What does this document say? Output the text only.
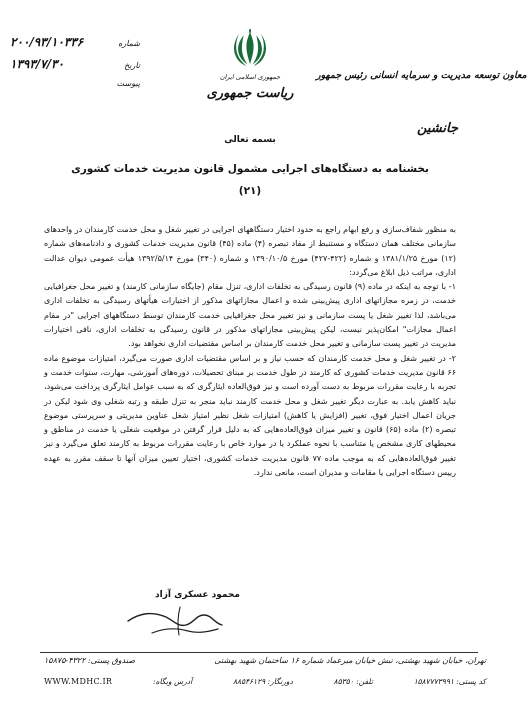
معاون توسعه مدیریت و سرمایه انسانی رئیس جمهور
جانشین
جمهوری اسلامی ایران
ریاست جمهوری
شماره
۲۰۰/۹۳/۱۰۳۳۶
تاریخ
۱۳۹۳/۷/۳۰
پیوست
بسمه تعالی
بخشنامه به دستگاه‌های اجرایی مشمول قانون مدیریت خدمات کشوری
(۲۱)

به منظور شفاف‌سازی و رفع ابهام راجع به حدود اختیار دستگاههای اجرایی در تغییر شغل و محل خدمت کارمندان در واحدهای سازمانی مختلف همان دستگاه و مستنبط از مفاد تبصره (۴) ماده (۴۵) قانون مدیریت خدمات کشوری و دادنامه‌های شماره (۱۲) مورخ ۱۳۸۱/۱/۲۵ و شماره (۴۲۲-۴۲۷) مورخ ۱۳۹۰/۱۰/۵ و شماره (۳۴۰) مورخ ۱۳۹۲/۵/۱۴ هیأت عمومی دیوان عدالت اداری، مراتب ذیل ابلاغ می‌گردد:

۱- با توجه به اینکه در ماده (۹) قانون رسیدگی به تخلفات اداری، تنزل مقام (جایگاه سازمانی کارمند) و تغییر محل جغرافیایی خدمت، در زمره مجازاتهای اداری پیش‌بینی شده و اعمال مجازاتهای مذکور از اختیارات هیأتهای رسیدگی به تخلفات اداری می‌باشد، لذا تغییر شغل یا پست سازمانی و نیز تغییر محل جغرافیایی خدمت کارمندان توسط دستگاههای اجرایی "در مقام اعمال مجازات" امکان‌پذیر نیست، لیکن پیش‌بینی مجازاتهای مذکور در قانون رسیدگی به تخلفات اداری، نافی اختیارات مدیریت در تغییر پست سازمانی و تغییر محل خدمت کارمندان بر اساس مقتضیات اداری نخواهد بود.

۲- در تغییر شغل و محل خدمت کارمندان که حسب نیاز و بر اساس مقتضیات اداری صورت می‌گیرد، امتیازات موضوع ماده ۶۶ قانون مدیریت خدمات کشوری که کارمند در طول خدمت بر مبنای تحصیلات، دوره‌های آموزشی، مهارت، سنوات خدمت و تجربه با رعایت مقررات مربوط به دست آورده است و نیز فوق‌العاده ایثارگری که به سبب عوامل ایثارگری پرداخت می‌شود، نباید کاهش یابد. به عبارت دیگر تغییر شغل و محل خدمت کارمند نباید منجر به تنزل طبقه و رتبه شغلی وی شود لیکن در جریان اعمال اختیار فوق، تغییر (افزایش یا کاهش) امتیازات شغل نظیر امتیاز شغل عناوین مدیریتی و سرپرستی موضوع تبصره (۲) ماده (۶۵) قانون و تغییر میزان فوق‌العاده‌هایی که به دلیل قرار گرفتن در موقعیت شغلی یا خدمت در مناطق و محیطهای کاری مشخص یا متناسب با نحوه عملکرد یا در موارد خاص با رعایت مقررات مربوط به کارمند تعلق می‌گیرد و نیز تغییر فوق‌العاده‌هایی که به موجب ماده ۷۷ قانون مدیریت خدمات کشوری، اختیار تعیین میزان آنها تا سقف مقرر به عهده رییس دستگاه اجرایی یا مقامات و مدیران است، مانعی ندارد.

محمود عسکری آزاد
تهران، خیابان شهید بهشتی، نبش خیابان میرعماد شماره ۱۶ ساختمان شهید بهشتی
صندوق پستی: ۴۳۲۲-۱۵۸۷۵
کد پستی: ۱۵۸۷۷۷۳۹۹۱
تلفن: ۸۵۳۵۰
دورنگار: ۸۸۵۴۶۱۲۹
آدرس وبگاه:
WWW.MDHC.IR
